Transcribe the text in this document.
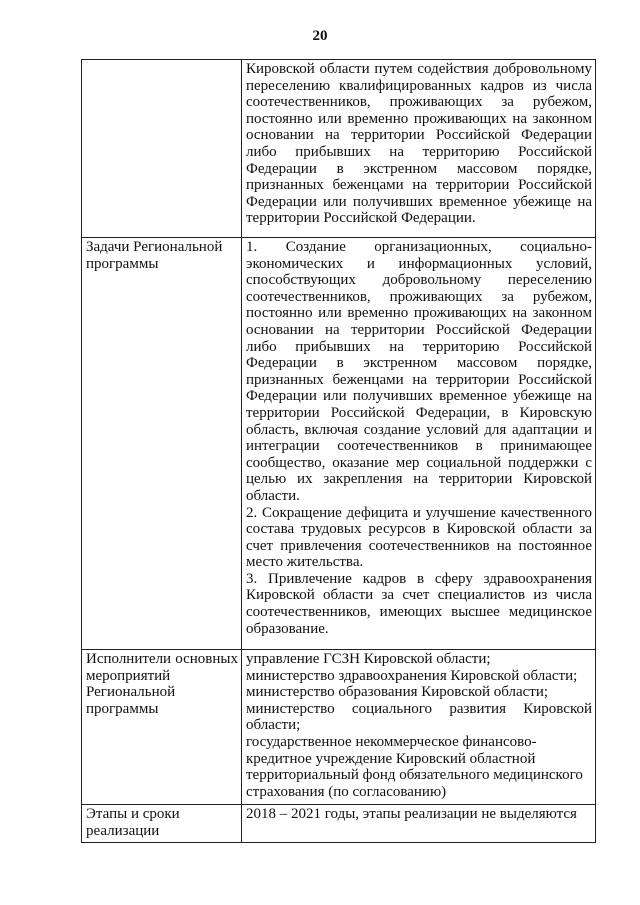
20

	Кировской области путем содействия добровольному переселению квалифицированных кадров из числа соотечественников, проживающих за рубежом, постоянно или временно проживающих на законном основании на территории Российской Федерации либо прибывших на территорию Российской Федерации в экстренном массовом порядке, признанных беженцами на территории Российской Федерации или получивших временное убежище на территории Российской Федерации.

Задачи Региональной программы	1. Создание организационных, социально-экономических и информационных условий, способствующих добровольному переселению соотечественников, проживающих за рубежом, постоянно или временно проживающих на законном основании на территории Российской Федерации либо прибывших на территорию Российской Федерации в экстренном массовом порядке, признанных беженцами на территории Российской Федерации или получивших временное убежище на территории Российской Федерации, в Кировскую область, включая создание условий для адаптации и интеграции соотечественников в принимающее сообщество, оказание мер социальной поддержки с целью их закрепления на территории Кировской области.
2. Сокращение дефицита и улучшение качественного состава трудовых ресурсов в Кировской области за счет привлечения соотечественников на постоянное место жительства.
3. Привлечение кадров в сферу здравоохранения Кировской области за счет специалистов из числа соотечественников, имеющих высшее медицинское образование.

Исполнители основных мероприятий Региональной программы	управление ГСЗН Кировской области;
министерство здравоохранения Кировской области;
министерство образования Кировской области;
министерство социального развития Кировской области;
государственное некоммерческое финансово-кредитное учреждение Кировский областной территориальный фонд обязательного медицинского страхования (по согласованию)

Этапы и сроки реализации	2018 – 2021 годы, этапы реализации не выделяются
